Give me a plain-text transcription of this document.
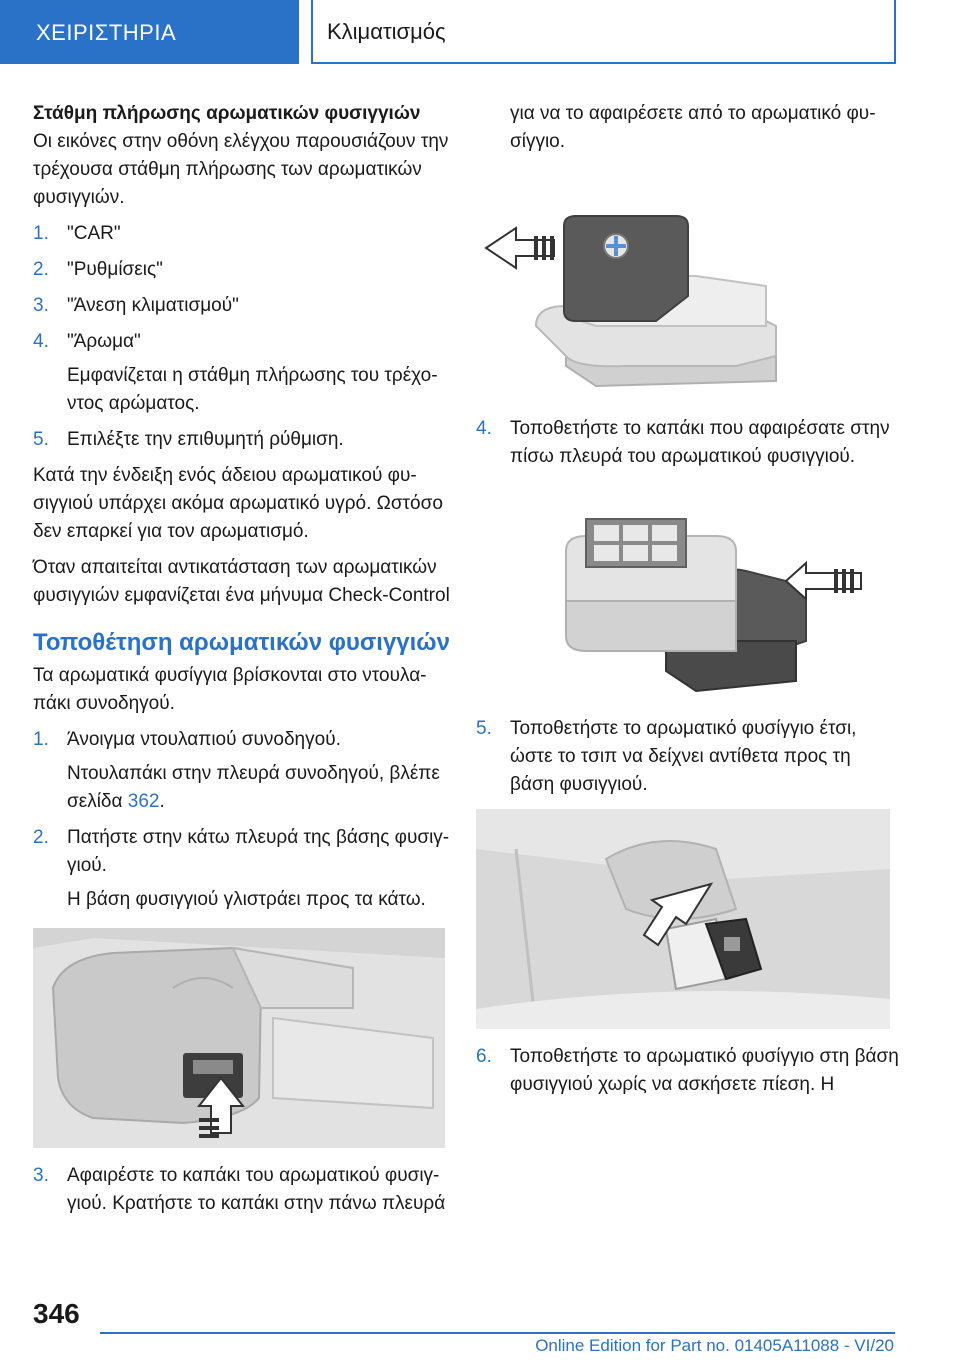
ΧΕΙΡΙΣΤΗΡΙΑ	Κλιματισμός
Στάθμη πλήρωσης αρωματικών φυσιγγιών
Οι εικόνες στην οθόνη ελέγχου παρουσιάζουν την τρέχουσα στάθμη πλήρωσης των αρωματικών φυσιγγιών.
1. "CAR"
2. "Ρυθμίσεις"
3. "Άνεση κλιματισμού"
4. "Άρωμα"
Εμφανίζεται η στάθμη πλήρωσης του τρέχο-ντος αρώματος.
5. Επιλέξτε την επιθυμητή ρύθμιση.
Κατά την ένδειξη ενός άδειου αρωματικού φυ-σιγγιού υπάρχει ακόμα αρωματικό υγρό. Ωστόσο δεν επαρκεί για τον αρωματισμό.
Όταν απαιτείται αντικατάσταση των αρωματικών φυσιγγιών εμφανίζεται ένα μήνυμα Check-Control
Τοποθέτηση αρωματικών φυσιγγιών
Τα αρωματικά φυσίγγια βρίσκονται στο ντουλα-πάκι συνοδηγού.
1. Άνοιγμα ντουλαπιού συνοδηγού.
Ντουλαπάκι στην πλευρά συνοδηγού, βλέπε σελίδα 362.
2. Πατήστε στην κάτω πλευρά της βάσης φυσιγ-γιού.
Η βάση φυσιγγιού γλιστράει προς τα κάτω.
3. Αφαιρέστε το καπάκι του αρωματικού φυσιγ-γιού. Κρατήστε το καπάκι στην πάνω πλευρά
για να το αφαιρέσετε από το αρωματικό φυ-σίγγιο.
4. Τοποθετήστε το καπάκι που αφαιρέσατε στην πίσω πλευρά του αρωματικού φυσιγγιού.
5. Τοποθετήστε το αρωματικό φυσίγγιο έτσι, ώστε το τσιπ να δείχνει αντίθετα προς τη βάση φυσιγγιού.
6. Τοποθετήστε το αρωματικό φυσίγγιο στη βάση φυσιγγιού χωρίς να ασκήσετε πίεση. Η
346
Online Edition for Part no. 01405A11088 - VI/20
